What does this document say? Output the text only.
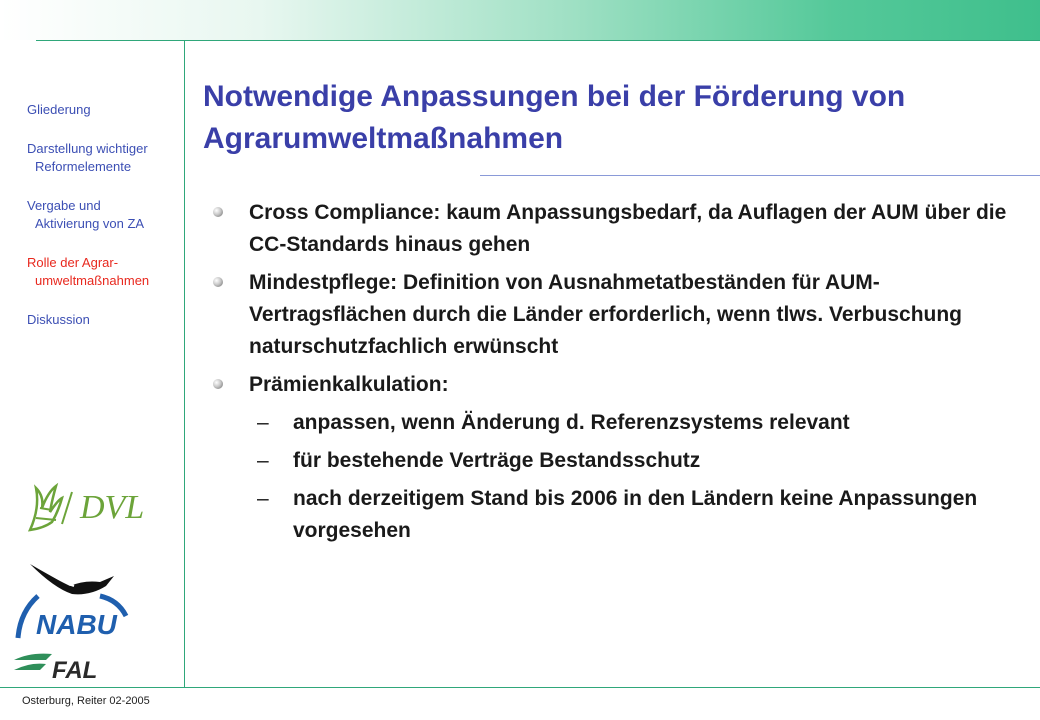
Gliederung
Darstellung wichtiger
Reformelemente
Vergabe und
Aktivierung von ZA
Rolle der Agrar-
umweltmaßnahmen
Diskussion
Notwendige Anpassungen bei der Förderung von Agrarumweltmaßnahmen
Cross Compliance: kaum Anpassungsbedarf, da Auflagen der AUM über die CC-Standards hinaus gehen
Mindestpflege: Definition von Ausnahmetatbeständen für AUM-Vertragsflächen durch die Länder erforderlich, wenn tlws. Verbuschung naturschutzfachlich erwünscht
Prämienkalkulation:
– anpassen, wenn Änderung d. Referenzsystems relevant
– für bestehende Verträge Bestandsschutz
– nach derzeitigem Stand bis 2006 in den Ländern keine Anpassungen vorgesehen
DVL
NABU
FAL
Osterburg, Reiter 02-2005
